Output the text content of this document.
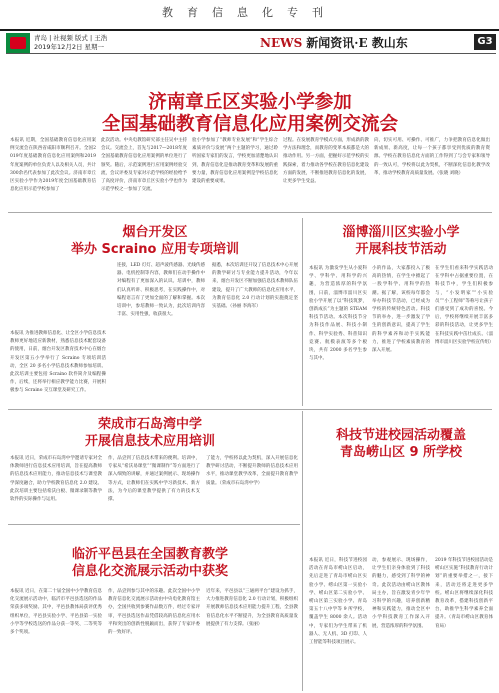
教育信息化专刊
青岛 | 社视频 版式 | 王浩
2019年12月2日 星期一	NEWS 新闻资讯·E 教山东	G3
济南章丘区实验小学参加
全国基础教育信息化应用案例交流会
本报讯 近期，全国基础教育信息化应用案例交流会在陕西省咸阳市顺利召开。全国2019年度基础教育信息化应用案例和2019年度案例的单位负责人以及相关人员，共计300余名代表参加了此次会议。济南市章丘区实验小学作为2019年度全国基础教育信息化应用示范学校参加了
此次活动。中央电教馆研究部主任吴中主持会议。交流会上，首先与2017—2018年度全国基础教育信息化应用案例的单位进行了颁奖。随后，示范案例进行应用案例经验交流，会议评委及专家对示范学校的经验给予了高度评价，济南市章丘区实验小学也作为示范学校之一参加了交流。
验小学参加了“教师专业发展”和“学生综合素质评价与发展”两个主题的学习，通过聆听国家专家们的发言，学校更加清楚地认识到，教育信息化是推动教育变革和发展的重要力量，教育信息化应用案例是学校信息化建设的重要成果。
过程。在发展教育学模式方面，形成新的教学方法和理念，而教育的变革本质都是大的推动作用。另一方面，把握好示范学校的实践探索，着力推动各学校在教育信息化建设方面的发展，不断推进教育信息化的发展，让更多学生受益。
向，切实可用、可操作、可推广，力争把教育信息化做出新成果、新高度，让每一个孩子都享受到优质的教育资源。学校在教育信息化方面的工作得到了与会专家和领导的一致认可，学校将以此为契机，不断深化信息化教学改革，推动学校教育高质量发展。（张晓 刘晓）
烟台开发区
举办 Scraino 应用专项培训
本报讯 为推进教师信息化、让全区小学信息技术教师更好地适应新教材，熟悉信息技术配套设备的使用，日前，烟台开发区教育技术中心在烟台开发区第五小学举行了 Scraino 专项培训活动，全区 20 多名小学信息技术教师参加培训。此次培训主要包括 Scraino 软件简介及编程操作，后续，还将举行相应教学能力比赛，开展积极参与 Scraino 交互课堂及研究工作。
连接，LED 灯灯、超声波传感器、光线传感器、电机控制等内容，教师们在动手操作中对编程有了更加深入的认识。培训中，教师们认真听讲、积极思考，在实践操作中，对编程语言有了更加全面的了解和掌握。本次培训中，参培教师一致认为，此次培训内容丰富、实用性强，收获很大。
据悉，本次培训还开设了信息技术中心开展的教学研讨与专业能力提升活动，今年以来，烟台开发区不断加强信息技术教师队伍建设，提升了广大教师的信息化应用水平，为教育信息化 2.0 行动计划的实施奠定坚实基础。（孙丽 李海军）
淄博淄川区实验小学
开展科技节活动
本报讯 为激发学生从小爱科学、学科学、用科学的兴趣，为营造浓厚的科学氛围，日前，淄博市淄川区实验小学开展了以“科技筑梦，创新成长”为主题的 STEAM 科技节活动。本次科技节分为科技作品展、科技小制作、科学实验秀、科普知识竞赛、航模表演等多个板块，共有 2000 多名学生参与其中。
小的作品，大家都投入了极高的热情，在学生中掀起了一股学科学、用科学的热潮。据了解，该校每年都会举办科技节活动，已经成为学校的传统特色活动。科技节的举办，进一步激发了学生的创新意识，提高了学生的科学素养和动手实践能力，推进了学校素质教育的深入开展。
在学生们看来科学实践活动在学科中占据重要位置，在科技节中，学生们积极参与，“小发明家”“小实验员”“小工程师”等称号让孩子们感受到了成功的喜悦。今后，学校将继续开展丰富多彩的科技活动，让更多学生在科技实践中茁壮成长。（淄博市淄川区实验学校宣传组）
荣成市石岛湾中学
开展信息技术应用培训
本报讯 近日，荣成市石岛湾中学邀请专家对全体教师进行信息技术应用培训，旨在提高教师的信息技术应用能力，推动信息技术与课堂教学深度融合，助力学校教育信息化 2.0 建设。此次培训主要包括希沃白板、微课录制等教学软件的实际操作与运用。
作，品尝到了信息技术带来的便利。培训中，专家从“希沃易课堂”“微课制作”等方面进行了深入细致的讲解，并通过案例展示、现场操作等方式，让教师们在实践中学习新技术、新方法，为今后的课堂教学提供了有力的技术支撑。
了能力，学校将以此为契机，深入开展信息化教学研讨活动，不断提升教师的信息技术应用水平，推动课堂教学改革，全面提升教育教学质量。（荣成市石岛湾中学）
科技节进校园活动覆盖
青岛崂山区 9 所学校
本报讯 近日，科技节进校园活动在青岛市崂山区启动，先后走进了青岛市崂山区实验小学、崂山区第一实验小学、崂山区第二实验小学、崂山区第三实验小学、青岛第五十八中学等 9 所学校，覆盖学生 8000 余人。活动中，专家们为学生带来了机器人、无人机、3D 打印、人工智能等科技项目展示。
动，参观展示、现场操作，让学生们亲身体验到了科技的魅力，感受到了科学的神奇。此次活动由崂山区教体局主办，旨在激发青少年学习科学的兴趣，培养创新精神和实践能力，推动全区中小学科技教育工作深入开展，营造浓厚的科学氛围。
2019 年科技节进校园活动是崂山区实施“科技教育行动计划”的重要举措之一，接下来，活动还将走进更多学校。崂山区将继续深化科技教育改革，搭建科技创新平台，助推学生科学素养全面提升。（青岛市崂山区教育体育局）
临沂平邑县在全国教育教学
信息化交流展示活动中获奖
本报讯 近日，在第二十届全国中小学教育信息化交流展示活动中，临沂市平邑县选送的作品荣获多项奖励。其中，平邑县教体局获评优秀组织单位，平邑县实验小学、平邑县第一实验小学等学校选送的作品分获一等奖、二等奖等多个奖项。
作，品尝到参与其中的乐趣。此次全国中小学教育信息化交流展示活动由中央电化教育馆主办，全国共收到参赛作品数万件，经过专家评审，平邑县选送作品凭借较高的信息化应用水平和突出的创新性脱颖而出，获得了专家评委的一致好评。
近年来，平邑县以“三通两平台”建设为抓手，大力推进教育信息化 2.0 行动计划，积极组织开展教师信息技术应用能力提升工程，全县教育信息化水平不断提升，为全县教育高质量发展提供了有力支撑。（张丽）
